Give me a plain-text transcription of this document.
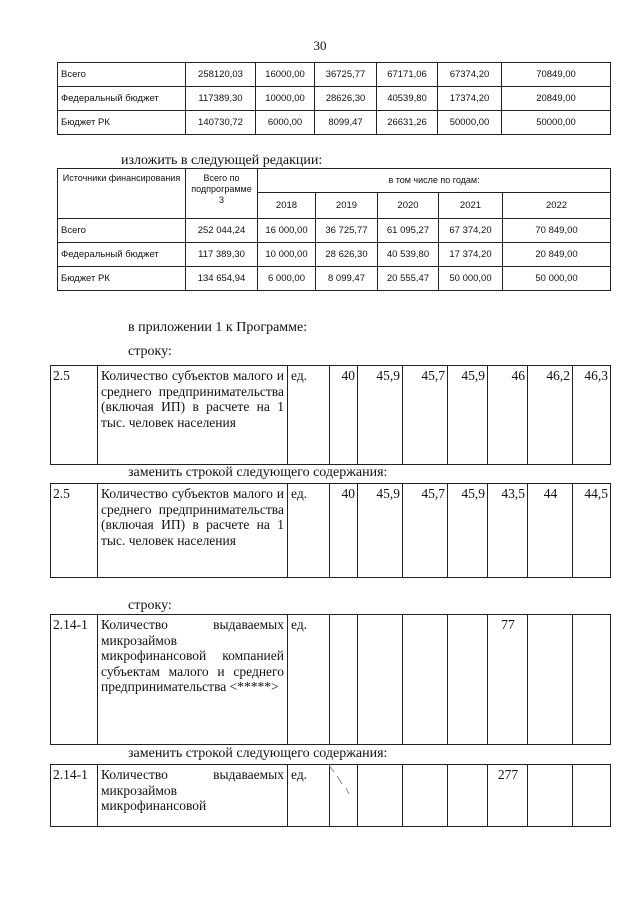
30
Всего	258120,03	16000,00	36725,77	67171,06	67374,20	70849,00
Федеральный бюджет	117389,30	10000,00	28626,30	40539,80	17374,20	20849,00
Бюджет РК	140730,72	6000,00	8099,47	26631,26	50000,00	50000,00
изложить в следующей редакции:
Источники финансирования	Всего по подпрограмме 3	в том числе по годам:				
		2018	2019	2020	2021	2022
Всего	252 044,24	16 000,00	36 725,77	61 095,27	67 374,20	70 849,00
Федеральный бюджет	117 389,30	10 000,00	28 626,30	40 539,80	17 374,20	20 849,00
Бюджет РК	134 654,94	6 000,00	8 099,47	20 555,47	50 000,00	50 000,00
в приложении 1 к Программе:
строку:
2.5	Количество субъектов малого и среднего предпринимательства (включая ИП) в расчете на 1 тыс. человек населения	ед.	40	45,9	45,7	45,9	46	46,2	46,3
заменить строкой следующего содержания:
2.5	Количество субъектов малого и среднего предпринимательства (включая ИП) в расчете на 1 тыс. человек населения	ед.	40	45,9	45,7	45,9	43,5	44	44,5
строку:
2.14-1	Количество выдаваемых микрозаймов микрофинансовой компанией субъектам малого и среднего предпринимательства <*****>	ед.					77		
заменить строкой следующего содержания:
2.14-1	Количество выдаваемых микрозаймов микрофинансовой	ед.					277		
